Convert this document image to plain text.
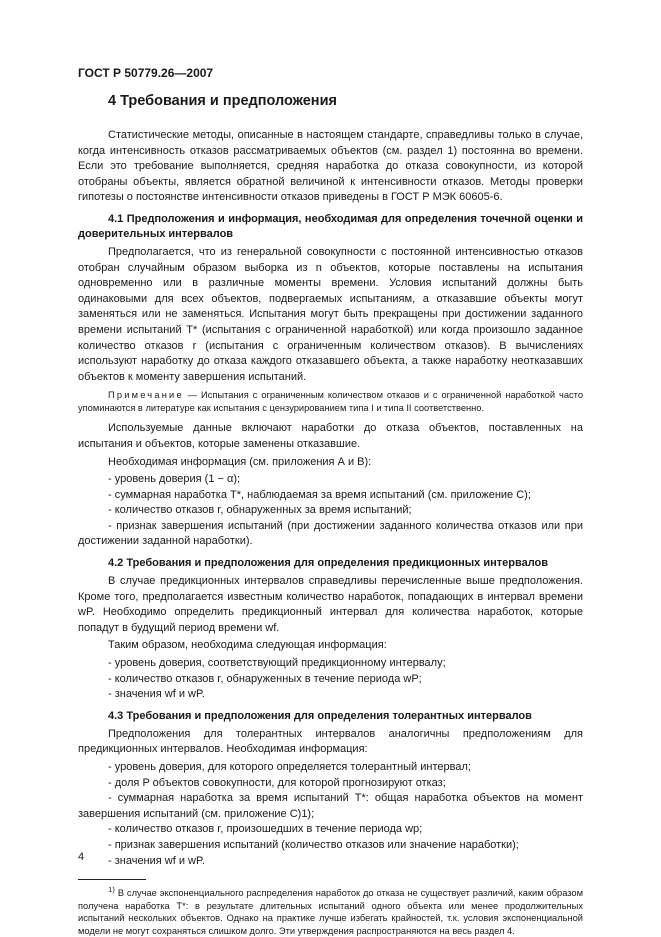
ГОСТ Р 50779.26—2007
4 Требования и предположения

Статистические методы, описанные в настоящем стандарте, справедливы только в случае, когда интенсивность отказов рассматриваемых объектов (см. раздел 1) постоянна во времени. Если это требование выполняется, средняя наработка до отказа совокупности, из которой отобраны объекты, является обратной величиной к интенсивности отказов. Методы проверки гипотезы о постоянстве интенсивности отказов приведены в ГОСТ Р МЭК 60605-6.

4.1 Предположения и информация, необходимая для определения точечной оценки и доверительных интервалов

Предполагается, что из генеральной совокупности с постоянной интенсивностью отказов отобран случайным образом выборка из n объектов, которые поставлены на испытания одновременно или в различные моменты времени. Условия испытаний должны быть одинаковыми для всех объектов, подвергаемых испытаниям, а отказавшие объекты могут заменяться или не заменяться. Испытания могут быть прекращены при достижении заданного времени испытаний T* (испытания с ограниченной наработкой) или когда произошло заданное количество отказов r (испытания с ограниченным количеством отказов). В вычислениях используют наработку до отказа каждого отказавшего объекта, а также наработку неотказавших объектов к моменту завершения испытаний.

Примечание — Испытания с ограниченным количеством отказов и с ограниченной наработкой часто упоминаются в литературе как испытания с цензурированием типа I и типа II соответственно.

Используемые данные включают наработки до отказа объектов, поставленных на испытания и объектов, которые заменены отказавшие.

Необходимая информация (см. приложения А и В):

- уровень доверия (1 − α);
- суммарная наработка T*, наблюдаемая за время испытаний (см. приложение С);
- количество отказов r, обнаруженных за время испытаний;
- признак завершения испытаний (при достижении заданного количества отказов или при достижении заданной наработки).
4.2 Требования и предположения для определения предикционных интервалов

В случае предикционных интервалов справедливы перечисленные выше предположения. Кроме того, предполагается известным количество наработок, попадающих в интервал времени wP. Необходимо определить предикционный интервал для количества наработок, которые попадут в будущий период времени wf.

Таким образом, необходима следующая информация:

- уровень доверия, соответствующий предикционному интервалу;
- количество отказов r, обнаруженных в течение периода wP;
- значения wf и wP.
4.3 Требования и предположения для определения толерантных интервалов

Предположения для толерантных интервалов аналогичны предположениям для предикционных интервалов. Необходимая информация:

- уровень доверия, для которого определяется толерантный интервал;
- доля P объектов совокупности, для которой прогнозируют отказ;
- суммарная наработка за время испытаний T*: общая наработка объектов на момент завершения испытаний (см. приложение С)1);
- количество отказов r, произошедших в течение периода wp;
- признак завершения испытаний (количество отказов или значение наработки);
- значения wf и wP.

$^{1)}$ В случае экспоненциального распределения наработок до отказа не существует различий, каким образом получена наработка T*: в результате длительных испытаний одного объекта или менее продолжительных испытаний нескольких объектов. Однако на практике лучше избегать крайностей, т.к. условия экспоненциальной модели не могут сохраняться слишком долго. Эти утверждения распространяются на весь раздел 4.

4
